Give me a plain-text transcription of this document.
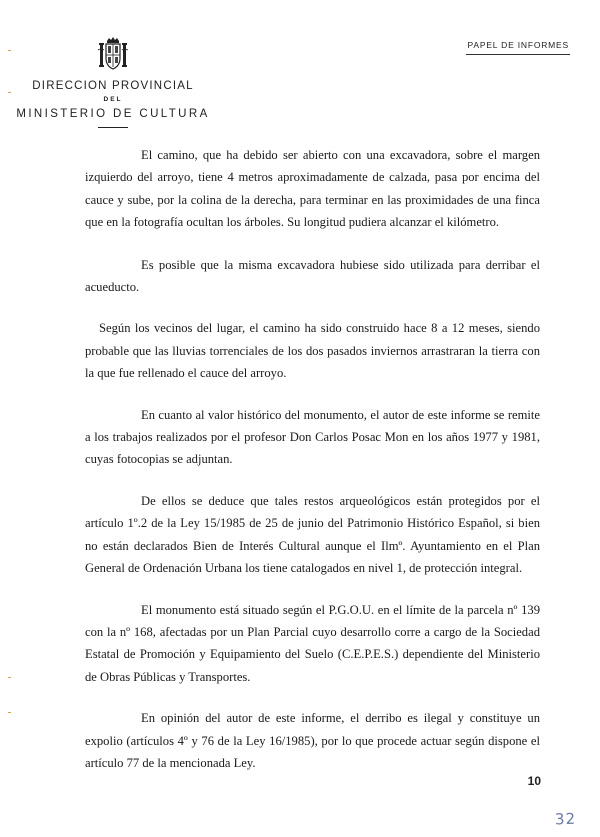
DIRECCION PROVINCIAL
DEL
MINISTERIO DE CULTURA
PAPEL DE INFORMES

El camino, que ha debido ser abierto con una excavadora, sobre el margen izquierdo del arroyo, tiene 4 metros aproximadamente de calzada, pasa por encima del cauce y sube, por la colina de la derecha, para terminar en las proximidades de una finca que en la fotografía ocultan los árboles. Su longitud pudiera alcanzar el kilómetro.

Es posible que la misma excavadora hubiese sido utilizada para derribar el acueducto.

Según los vecinos del lugar, el camino ha sido construido hace 8 a 12 meses, siendo probable que las lluvias torrenciales de los dos pasados inviernos arrastraran la tierra con la que fue rellenado el cauce del arroyo.

En cuanto al valor histórico del monumento, el autor de este informe se remite a los trabajos realizados por el profesor Don Carlos Posac Mon en los años 1977 y 1981, cuyas fotocopias se adjuntan.

De ellos se deduce que tales restos arqueológicos están protegidos por el artículo 1º.2 de la Ley 15/1985 de 25 de junio del Patrimonio Histórico Español, si bien no están declarados Bien de Interés Cultural aunque el Ilmº. Ayuntamiento en el Plan General de Ordenación Urbana los tiene catalogados en nivel 1, de protección integral.

El monumento está situado según el P.G.O.U. en el límite de la parcela nº 139 con la nº 168, afectadas por un Plan Parcial cuyo desarrollo corre a cargo de la Sociedad Estatal de Promoción y Equipamiento del Suelo (C.E.P.E.S.) dependiente del Ministerio de Obras Públicas y Transportes.

En opinión del autor de este informe, el derribo es ilegal y constituye un expolio (artículos 4º y 76 de la Ley 16/1985), por lo que procede actuar según dispone el artículo 77 de la mencionada Ley.

10
32
